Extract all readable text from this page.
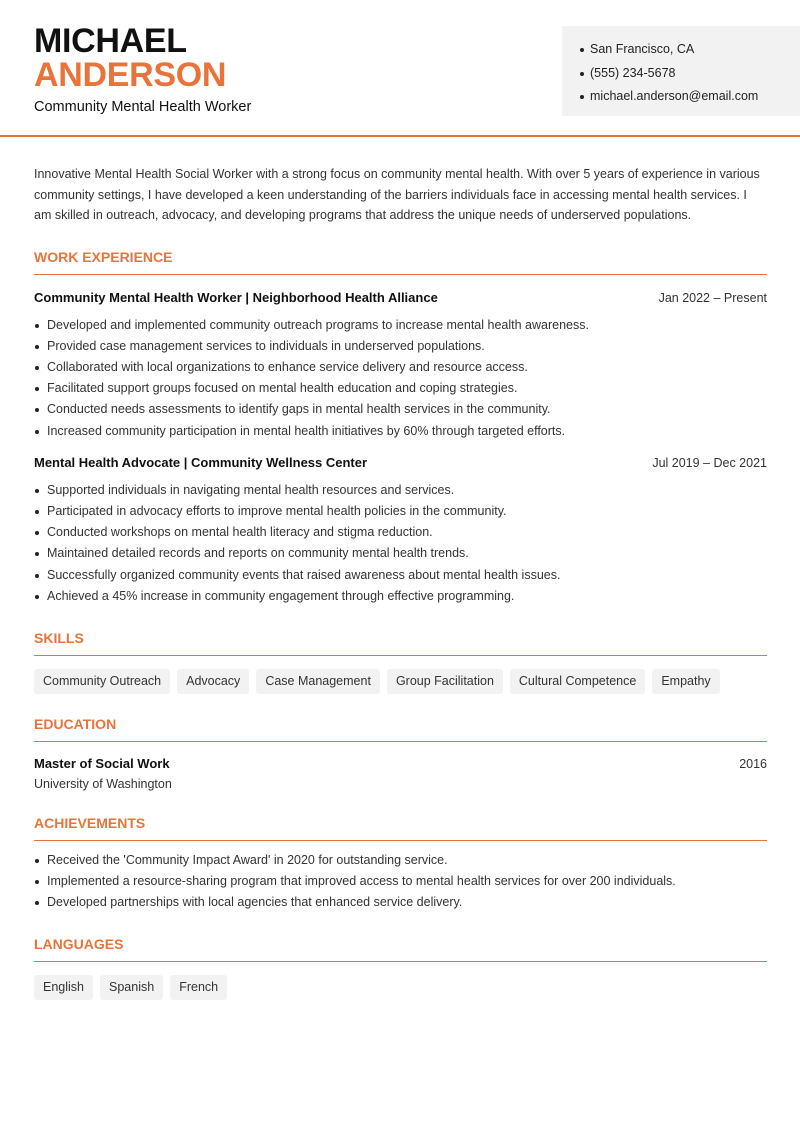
MICHAEL
ANDERSON
Community Mental Health Worker
San Francisco, CA
(555) 234-5678
michael.anderson@email.com

Innovative Mental Health Social Worker with a strong focus on community mental health. With over 5 years of experience in various community settings, I have developed a keen understanding of the barriers individuals face in accessing mental health services. I am skilled in outreach, advocacy, and developing programs that address the unique needs of underserved populations.

WORK EXPERIENCE
Community Mental Health Worker | Neighborhood Health Alliance	Jan 2022 – Present
Developed and implemented community outreach programs to increase mental health awareness.
Provided case management services to individuals in underserved populations.
Collaborated with local organizations to enhance service delivery and resource access.
Facilitated support groups focused on mental health education and coping strategies.
Conducted needs assessments to identify gaps in mental health services in the community.
Increased community participation in mental health initiatives by 60% through targeted efforts.
Mental Health Advocate | Community Wellness Center	Jul 2019 – Dec 2021
Supported individuals in navigating mental health resources and services.
Participated in advocacy efforts to improve mental health policies in the community.
Conducted workshops on mental health literacy and stigma reduction.
Maintained detailed records and reports on community mental health trends.
Successfully organized community events that raised awareness about mental health issues.
Achieved a 45% increase in community engagement through effective programming.
SKILLS
Community Outreach	Advocacy	Case Management	Group Facilitation	Cultural Competence	Empathy
EDUCATION
Master of Social Work	2016
University of Washington
ACHIEVEMENTS
Received the 'Community Impact Award' in 2020 for outstanding service.
Implemented a resource-sharing program that improved access to mental health services for over 200 individuals.
Developed partnerships with local agencies that enhanced service delivery.
LANGUAGES
English	Spanish	French
